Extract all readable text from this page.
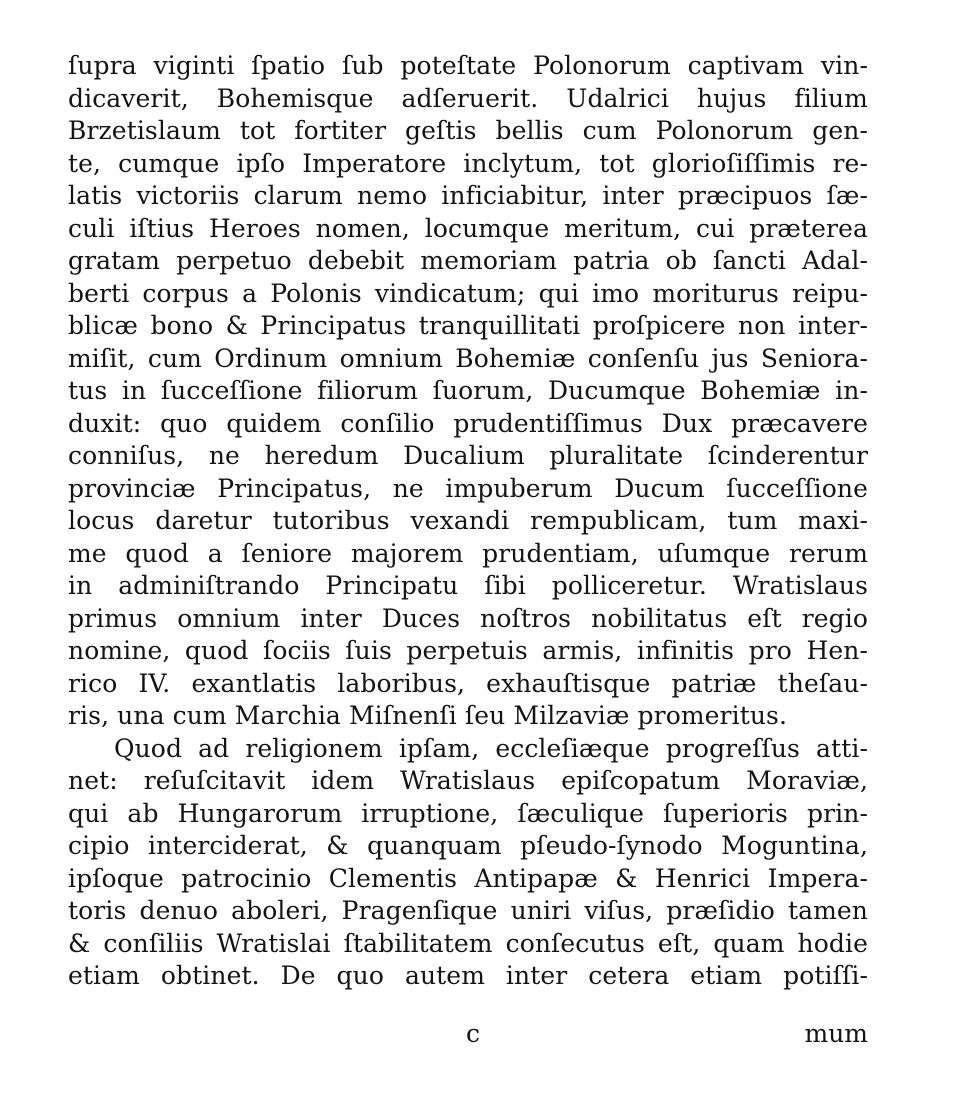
ſupra viginti ſpatio ſub poteſtate Polonorum captivam vin-
dicaverit, Bohemisque adſeruerit. Udalrici hujus filium
Brzetislaum tot fortiter geſtis bellis cum Polonorum gen-
te, cumque ipſo Imperatore inclytum, tot glorioſiſſimis re-
latis victoriis clarum nemo inficiabitur, inter præcipuos ſæ-
culi iſtius Heroes nomen, locumque meritum, cui præterea
gratam perpetuo debebit memoriam patria ob ſancti Adal-
berti corpus a Polonis vindicatum; qui imo moriturus reipu-
blicæ bono & Principatus tranquillitati proſpicere non inter-
miſit, cum Ordinum omnium Bohemiæ conſenſu jus Seniora-
tus in ſucceſſione filiorum ſuorum, Ducumque Bohemiæ in-
duxit: quo quidem conſilio prudentiſſimus Dux præcavere
conniſus, ne heredum Ducalium pluralitate ſcinderentur
provinciæ Principatus, ne impuberum Ducum ſucceſſione
locus daretur tutoribus vexandi rempublicam, tum maxi-
me quod a ſeniore majorem prudentiam, uſumque rerum
in adminiſtrando Principatu ſibi polliceretur. Wratislaus
primus omnium inter Duces noſtros nobilitatus eſt regio
nomine, quod ſociis ſuis perpetuis armis, infinitis pro Hen-
rico IV. exantlatis laboribus, exhauſtisque patriæ theſau-
ris, una cum Marchia Miſnenſi ſeu Milzaviæ promeritus.
Quod ad religionem ipſam, eccleſiæque progreſſus atti-
net: reſuſcitavit idem Wratislaus epiſcopatum Moraviæ,
qui ab Hungarorum irruptione, ſæculique ſuperioris prin-
cipio interciderat, & quanquam pſeudo-ſynodo Moguntina,
ipſoque patrocinio Clementis Antipapæ & Henrici Impera-
toris denuo aboleri, Pragenſique uniri viſus, præſidio tamen
& conſiliis Wratislai ſtabilitatem conſecutus eſt, quam hodie
etiam obtinet. De quo autem inter cetera etiam potiſſi-
c	mum
